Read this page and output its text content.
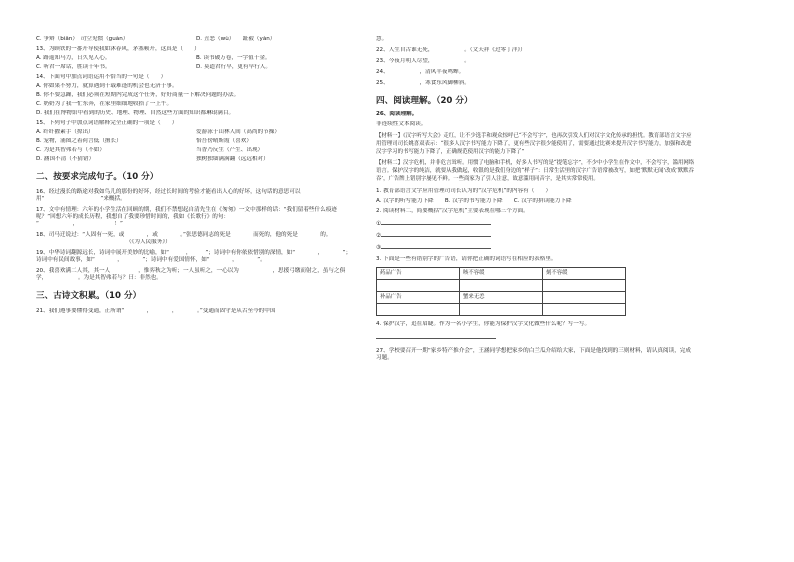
C. 争辩（biǎn）　司空见惯（guàn）	D. 丑恶（wù）　　趾毅（yàn）

13、为顾铁的一番开导使我如沐春风，茅塞顿开，这真是（　　）

A. 路遥知马力，日久见人心。	B. 读书破万卷，一字值千金。

C. 听君一席话，胜读十年书。	D. 莫道君行早，更有早行人。

14、下面句中加点词语运用不恰当的一句是（　　）

A. 你如果不努力，就算遇到千载难逢的机会也无济于事。

B. 你不要急躁，我们必须在短期内完成这个任务，好好商量一下解决问题的办法。

C. 奶奶为了我一忙东奔，在家里细细地收拾了一上午。

D. 我们在博物馆中看到的历史、地理、物理、自然这些方面的知识都琳琅满目。

15、下列句子中加点词语解释完全正确的一项是（　　）

A. 纤纤擢素手（掠出）	爱游泳于山林人间（高尚的节操）

B. 宠物，涌图之着荷言低（擅长）	怡吾傍晴斯霞（喜欢）

C. 为是其智弗若与（不如）	当香乃反生（产生、出现）

D. 涵国不清（不猜错）	独树独墙满满翻（远远相对）

二、按要求完成句子。（10 分）

16、经过漫长的路途对我如鸟儿的那份的好坏，经过长时间的考验才能看出人心的好坏，这句话的意思可以用“　　　　　　　　　　”来概括。

17、文中有情理：六年的小学生活在回顾的期，我们不禁想起自清先生在《匆匆》一文中那样的话：“我们留着些什么痕迹呢？”回想六年的成长历程，我想自了我要珍惜时间的，我如《长歌行》的句：

“　　　　　　，　　　　　　　！”

18、司马迁说过：“人固有一死，或　　　　，或　　　　。”张思德同志的死是　　　　而死的，他的死是　　　　的。

（《为人民服务》）

19、中华诗词翻源远长，诗词中展开美妙的比喻，如“　　　，　　　”；诗词中有你依依惜别的深情，如“　　　　，　　　　”；诗词中有民间故事，如“　　　　，　　　　”；诗词中有爱国情怀，如“　　　　，　　　　”。

20、我喜欢满二人其，其一人　　　　　，惟弈秋之为听；一人虽听之，一心以为　　　　　　，思援弓缴而射之，虽与之俱学，　　　　　　。为是其智弗若与？曰：非然也。

三、古诗文积累。（10 分）

21、我们遵事要懂得变通，正所谓“　　　　，　　　　，　　　　。”变通而固守是从古至今的中国

慧。

22、人生自古谁无死，　　　　　　。（文天祥《过零丁洋》）

23、今夜月明人尽望，　　　　　　。

24、　　　　　　，清风半夜鸣蝉。

25、　　　　　　，寒食东风御柳斜。

四、阅读理解。（20 分）

26、阅读理解。

非连续性文本阅读。

【材料一】《汉字听写大会》走红，让不少选手和观众惊呼已“不会写字”，也再次引发人们对汉字文化传承的担忧。教育部语言文字应用管理司司长姚喜双表示：“很多人汉字书写能力下降了，更有些汉字很少能使用了，需要通过比赛来提升汉字书写能力，加强和改进汉字学习的书写能力下降了，正确规范使用汉字的能力下降了”

【材料二】汉字危机，并非危言耸听。用惯了电脑和手机，好多人书写的是“提笔忘字”，不少中小学生在作文中，不会写字，滥用网络语言。保护汉字的纯洁，就要从我做起，收银的是我们身边的“样子”：日常生活里的汉字广告语常被改写，如把‘默默无闻’改成‘默默吞吞’，广告牌上错别字屡见不鲜。一些商家为了引人注意，故意滥用同音字，是其实常常使用。

1. 教育部语言文字应用管理司司长认为的“汉字危机”的内容有（　　）

A. 汉字的听写能力下降　　B. 汉字的书写能力下降　　C. 汉字的拼读能力下降

2. 阅读材料二，简要概括“汉字危机”主要表现在哪三个方面。

①

②

③

3. 下面是一些有错别字的广告语，请你把正确的词语写在相应的表格里。

药品广告	咳不容缓	刻不容缓

补品广告	蟹来无恙	

4. 保护汉字，追在眉睫。作为一名小学生，你能为保护汉字文化做些什么呢？写一写。

27、学校要召开一期“家乡特产推介会”，王涵同学想把家乡的白兰瓜介绍给大家，下面是他找到的三则材料，请认真阅读，完成习题。
